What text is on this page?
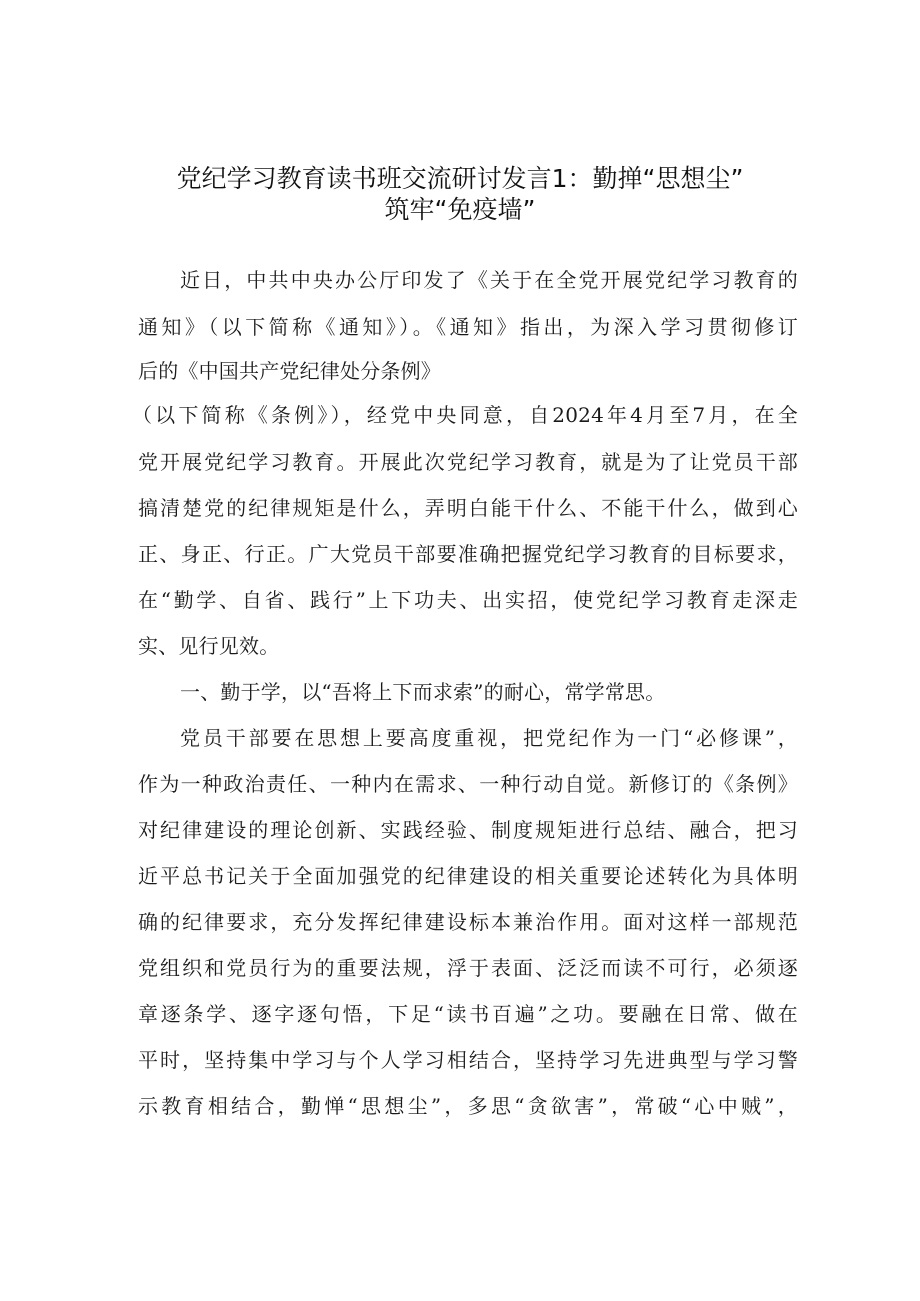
党纪学习教育读书班交流研讨发言1：勤掸“思想尘”
筑牢“免疫墙”
近日，中共中央办公厅印发了《关于在全党开展党纪学习教育的
通知》（以下简称《通知》）。《通知》指出，为深入学习贯彻修订
后的《中国共产党纪律处分条例》
（以下简称《条例》），经党中央同意，自2024年4月至7月，在全
党开展党纪学习教育。开展此次党纪学习教育，就是为了让党员干部
搞清楚党的纪律规矩是什么，弄明白能干什么、不能干什么，做到心
正、身正、行正。广大党员干部要准确把握党纪学习教育的目标要求，
在“勤学、自省、践行”上下功夫、出实招，使党纪学习教育走深走
实、见行见效。
一、勤于学，以“吾将上下而求索”的耐心，常学常思。
党员干部要在思想上要高度重视，把党纪作为一门“必修课”，
作为一种政治责任、一种内在需求、一种行动自觉。新修订的《条例》
对纪律建设的理论创新、实践经验、制度规矩进行总结、融合，把习
近平总书记关于全面加强党的纪律建设的相关重要论述转化为具体明
确的纪律要求，充分发挥纪律建设标本兼治作用。面对这样一部规范
党组织和党员行为的重要法规，浮于表面、泛泛而读不可行，必须逐
章逐条学、逐字逐句悟，下足“读书百遍”之功。要融在日常、做在
平时，坚持集中学习与个人学习相结合，坚持学习先进典型与学习警
示教育相结合，勤惮“思想尘”，多思“贪欲害”，常破“心中贼”，
